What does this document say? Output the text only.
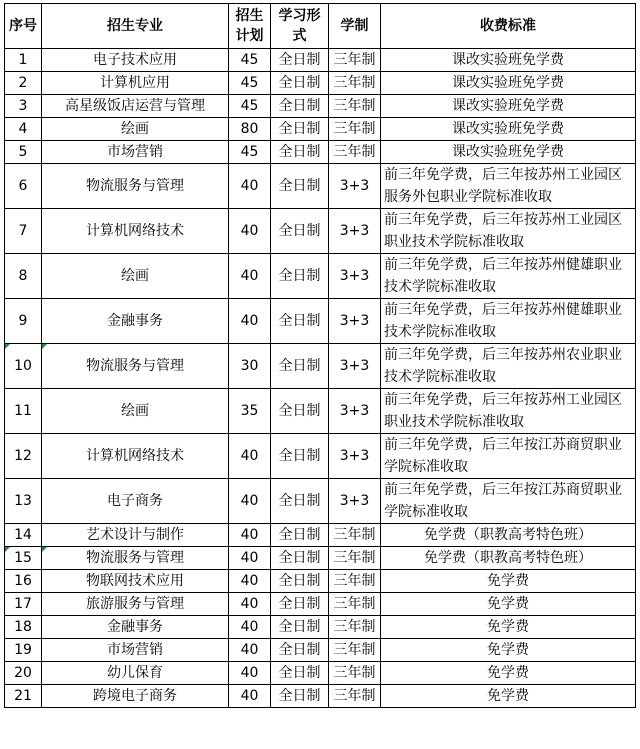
序号	招生专业	招生计划	学习形式	学制	收费标准
1	电子技术应用	45	全日制	三年制	课改实验班免学费
2	计算机应用	45	全日制	三年制	课改实验班免学费
3	高星级饭店运营与管理	45	全日制	三年制	课改实验班免学费
4	绘画	80	全日制	三年制	课改实验班免学费
5	市场营销	45	全日制	三年制	课改实验班免学费
6	物流服务与管理	40	全日制	3+3	前三年免学费，后三年按苏州工业园区服务外包职业学院标准收取
7	计算机网络技术	40	全日制	3+3	前三年免学费，后三年按苏州工业园区职业技术学院标准收取
8	绘画	40	全日制	3+3	前三年免学费，后三年按苏州健雄职业技术学院标准收取
9	金融事务	40	全日制	3+3	前三年免学费，后三年按苏州健雄职业技术学院标准收取
10	物流服务与管理	30	全日制	3+3	前三年免学费，后三年按苏州农业职业技术学院标准收取
11	绘画	35	全日制	3+3	前三年免学费，后三年按苏州工业园区职业技术学院标准收取
12	计算机网络技术	40	全日制	3+3	前三年免学费，后三年按江苏商贸职业学院标准收取
13	电子商务	40	全日制	3+3	前三年免学费，后三年按江苏商贸职业学院标准收取
14	艺术设计与制作	40	全日制	三年制	免学费（职教高考特色班）
15	物流服务与管理	40	全日制	三年制	免学费（职教高考特色班）
16	物联网技术应用	40	全日制	三年制	免学费
17	旅游服务与管理	40	全日制	三年制	免学费
18	金融事务	40	全日制	三年制	免学费
19	市场营销	40	全日制	三年制	免学费
20	幼儿保育	40	全日制	三年制	免学费
21	跨境电子商务	40	全日制	三年制	免学费
